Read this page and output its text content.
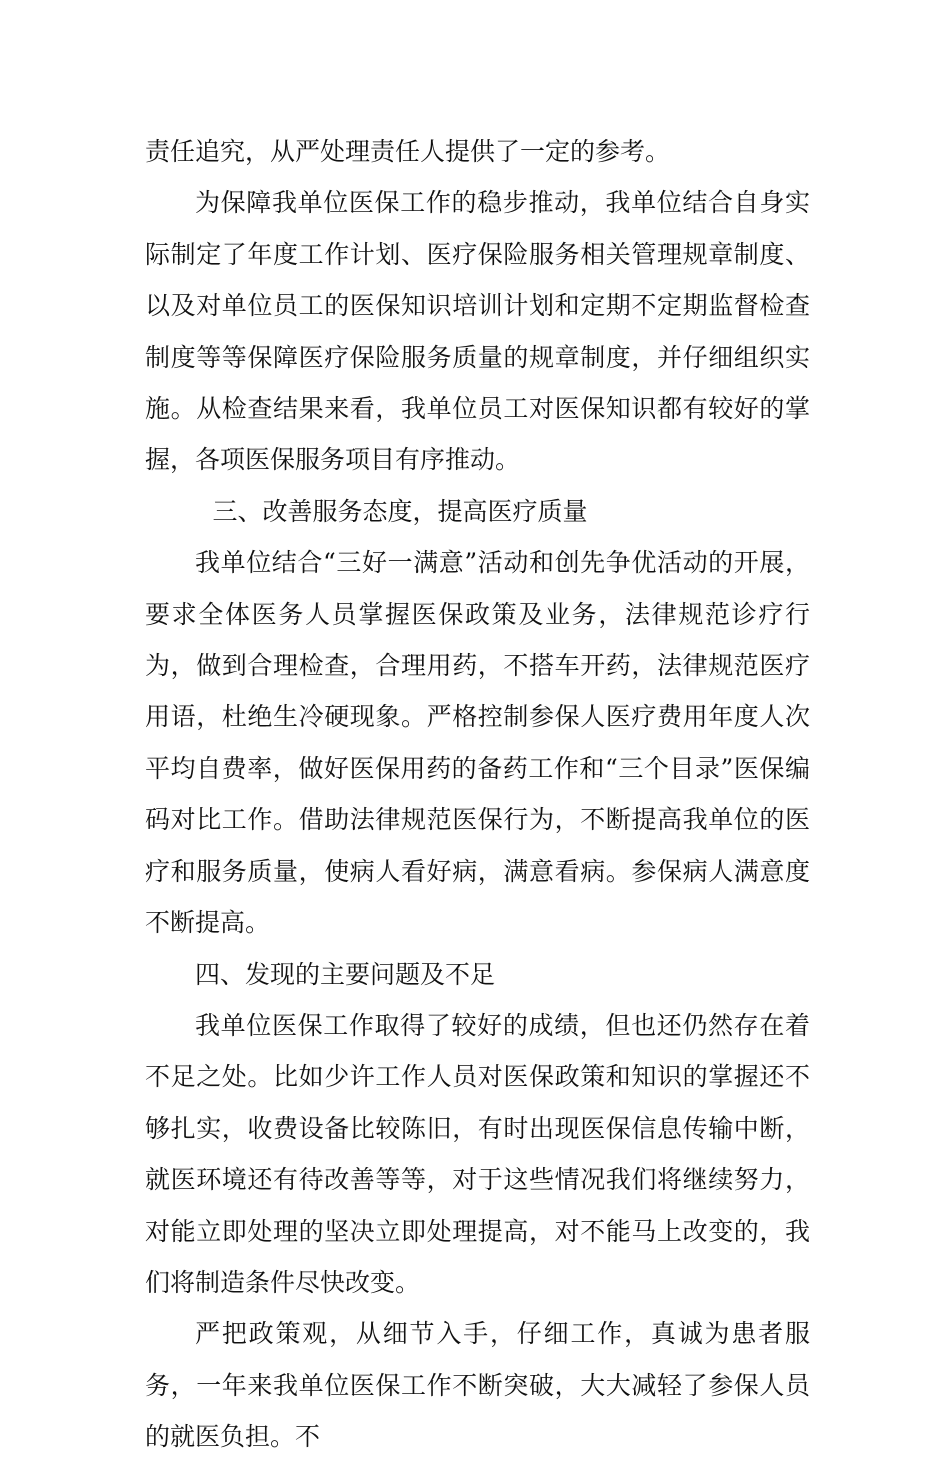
责任追究，从严处理责任人提供了一定的参考。

为保障我单位医保工作的稳步推动，我单位结合自身实际制定了年度工作计划、医疗保险服务相关管理规章制度、以及对单位员工的医保知识培训计划和定期不定期监督检查制度等等保障医疗保险服务质量的规章制度，并仔细组织实施。从检查结果来看，我单位员工对医保知识都有较好的掌握，各项医保服务项目有序推动。

三、改善服务态度，提高医疗质量

我单位结合“三好一满意”活动和创先争优活动的开展，要求全体医务人员掌握医保政策及业务，法律规范诊疗行为，做到合理检查，合理用药，不搭车开药，法律规范医疗用语，杜绝生冷硬现象。严格控制参保人医疗费用年度人次平均自费率，做好医保用药的备药工作和“三个目录”医保编码对比工作。借助法律规范医保行为，不断提高我单位的医疗和服务质量，使病人看好病，满意看病。参保病人满意度不断提高。

四、发现的主要问题及不足

我单位医保工作取得了较好的成绩，但也还仍然存在着不足之处。比如少许工作人员对医保政策和知识的掌握还不够扎实，收费设备比较陈旧，有时出现医保信息传输中断，就医环境还有待改善等等，对于这些情况我们将继续努力，对能立即处理的坚决立即处理提高，对不能马上改变的，我们将制造条件尽快改变。

严把政策观，从细节入手，仔细工作，真诚为患者服务，一年来我单位医保工作不断突破，大大减轻了参保人员的就医负担。不
